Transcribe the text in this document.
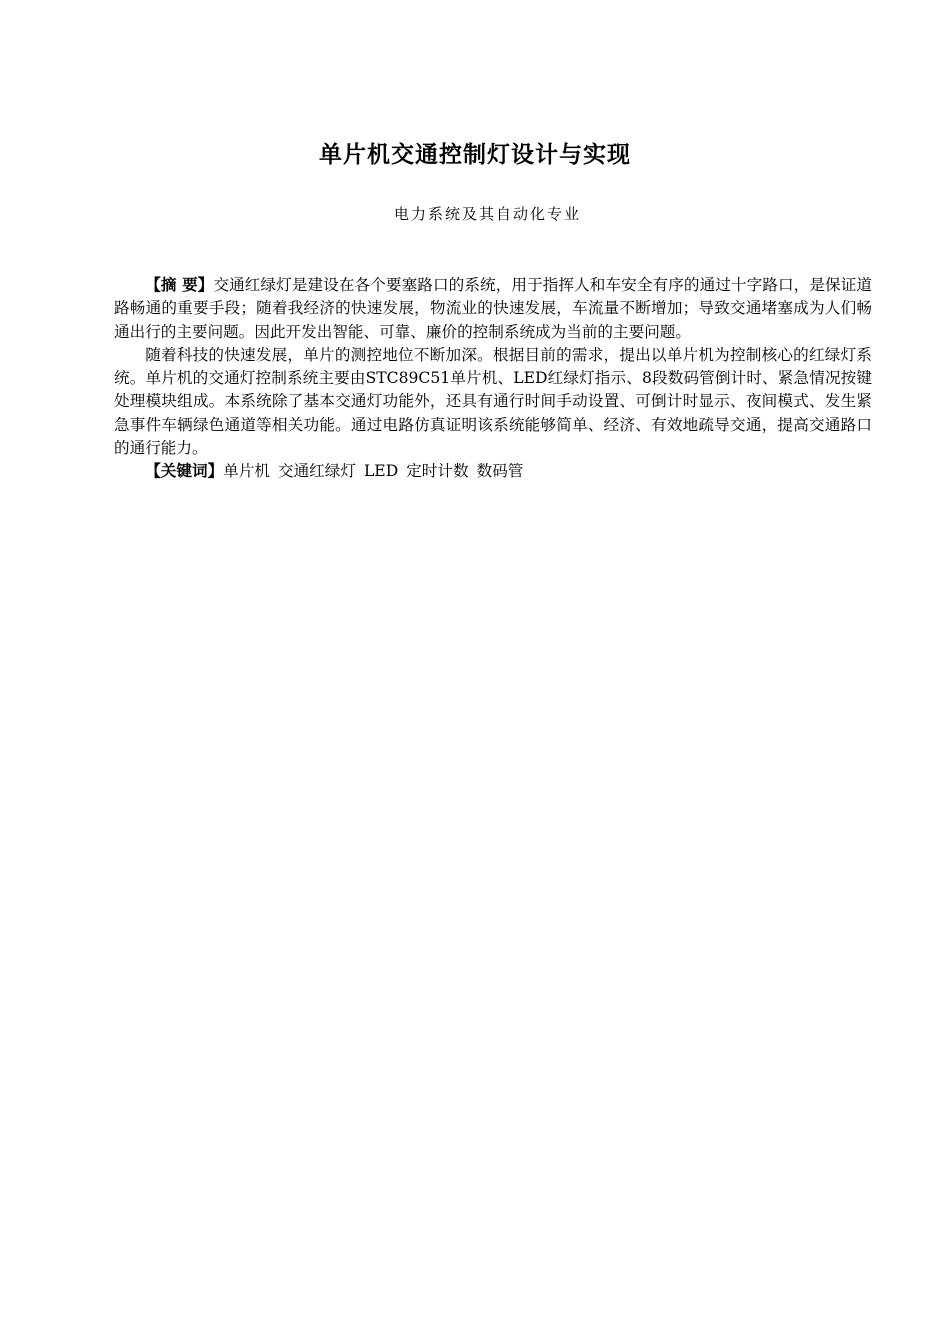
单片机交通控制灯设计与实现
电力系统及其自动化专业

【摘 要】交通红绿灯是建设在各个要塞路口的系统，用于指挥人和车安全有序的通过十字路口，是保证道路畅通的重要手段；随着我经济的快速发展，物流业的快速发展，车流量不断增加；导致交通堵塞成为人们畅通出行的主要问题。因此开发出智能、可靠、廉价的控制系统成为当前的主要问题。

随着科技的快速发展，单片的测控地位不断加深。根据目前的需求，提出以单片机为控制核心的红绿灯系统。单片机的交通灯控制系统主要由STC89C51单片机、LED红绿灯指示、8段数码管倒计时、紧急情况按键处理模块组成。本系统除了基本交通灯功能外，还具有通行时间手动设置、可倒计时显示、夜间模式、发生紧急事件车辆绿色通道等相关功能。通过电路仿真证明该系统能够简单、经济、有效地疏导交通，提高交通路口的通行能力。

【关键词】单片机 交通红绿灯 LED 定时计数 数码管
